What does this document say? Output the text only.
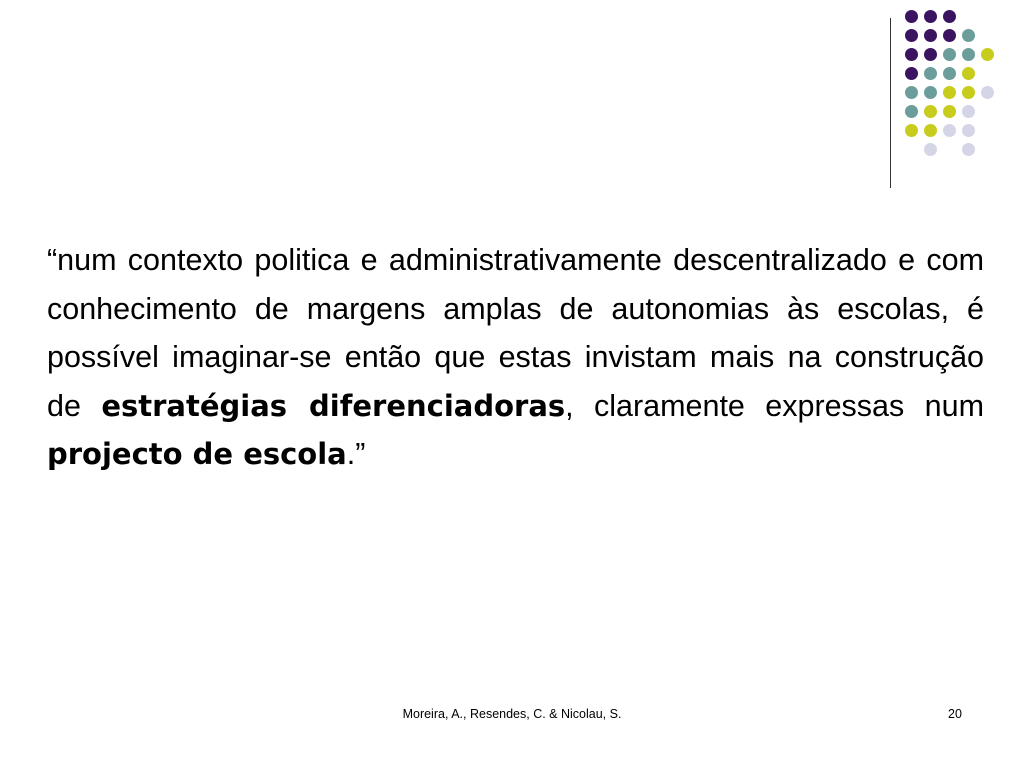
“num contexto politica e administrativamente descentralizado e com conhecimento de margens amplas de autonomias às escolas, é possível imaginar-se então que estas invistam mais na construção de estratégias diferenciadoras, claramente expressas num projecto de escola.”
Moreira, A., Resendes, C. & Nicolau, S.	20
